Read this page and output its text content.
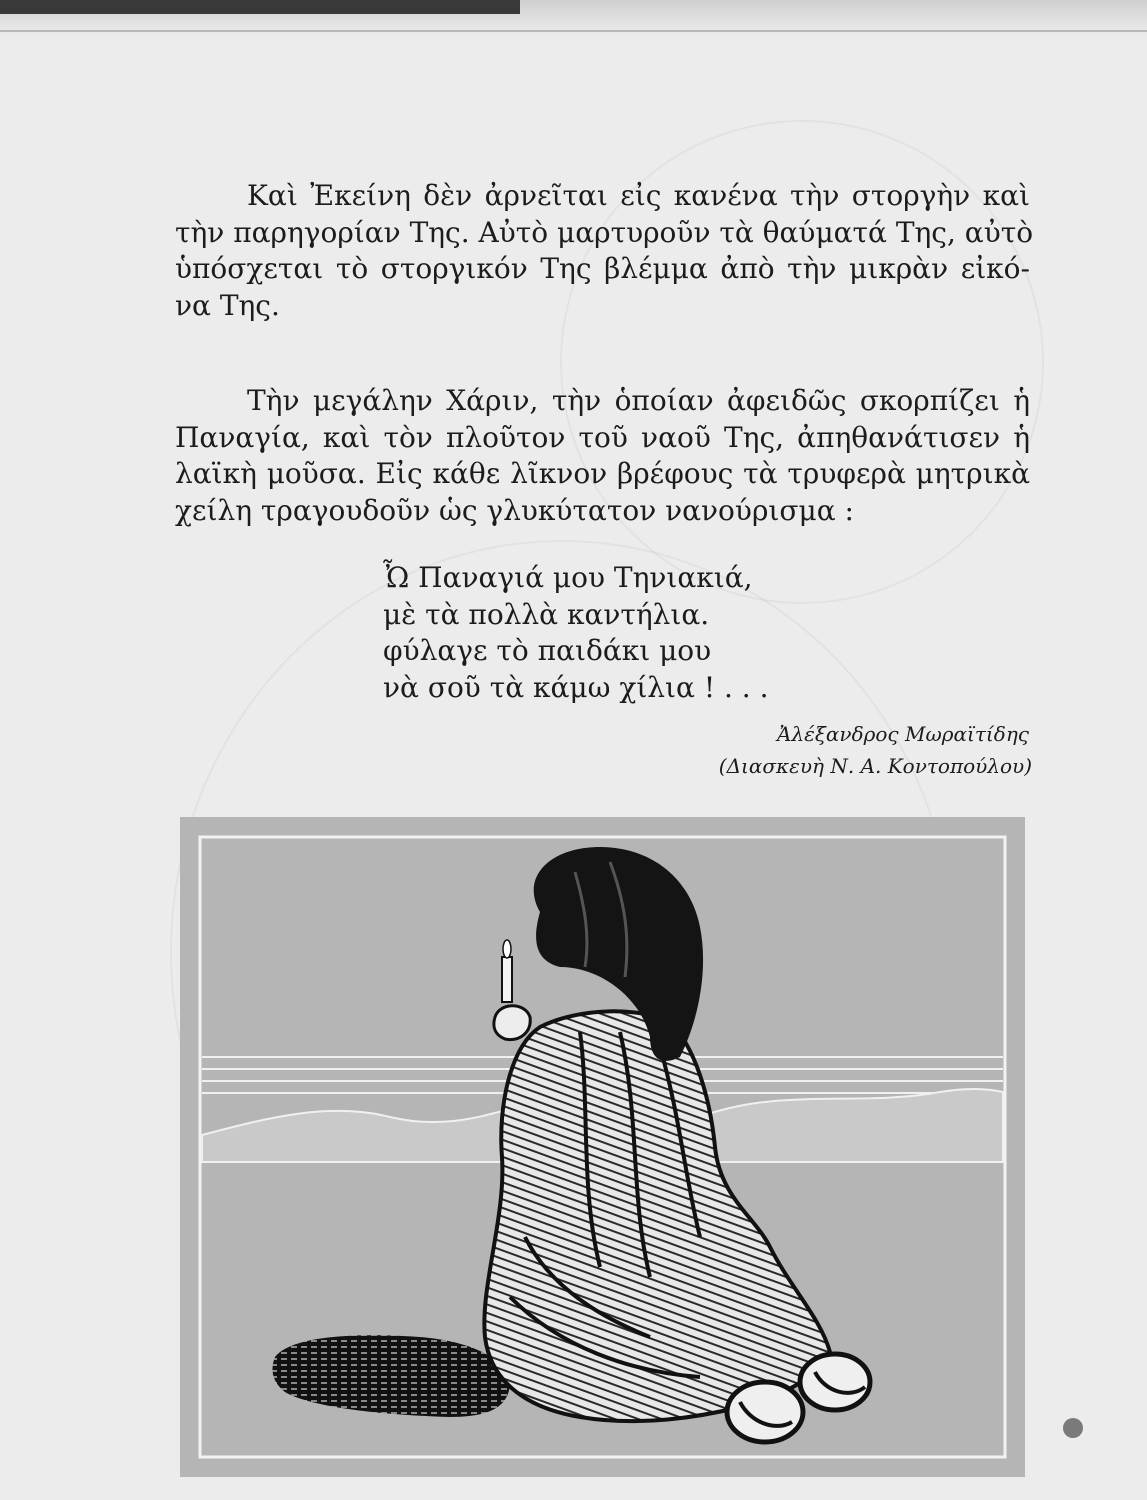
Καὶ Ἐκείνη δὲν ἀρνεῖται εἰς κανένα τὴν στοργὴν καὶ
τὴν παρηγορίαν Της. Αὐτὸ μαρτυροῦν τὰ θαύματά Της, αὐτὸ
ὑπόσχεται τὸ στοργικόν Της βλέμμα ἀπὸ τὴν μικρὰν εἰκό-
να Της.
Τὴν μεγάλην Χάριν, τὴν ὁποίαν ἀφειδῶς σκορπίζει ἡ
Παναγία, καὶ τὸν πλοῦτον τοῦ ναοῦ Της, ἀπηθανάτισεν ἡ
λαϊκὴ μοῦσα. Εἰς κάθε λῖκνον βρέφους τὰ τρυφερὰ μητρικὰ
χείλη τραγουδοῦν ὡς γλυκύτατον νανούρισμα :
Ὦ Παναγιά μου Τηνιακιά,
μὲ τὰ πολλὰ καντήλια.
φύλαγε τὸ παιδάκι μου
νὰ σοῦ τὰ κάμω χίλια ! . . .

Ἀλέξανδρος Μωραϊτίδης

(Διασκευὴ Ν. Α. Κοντοπούλου)
